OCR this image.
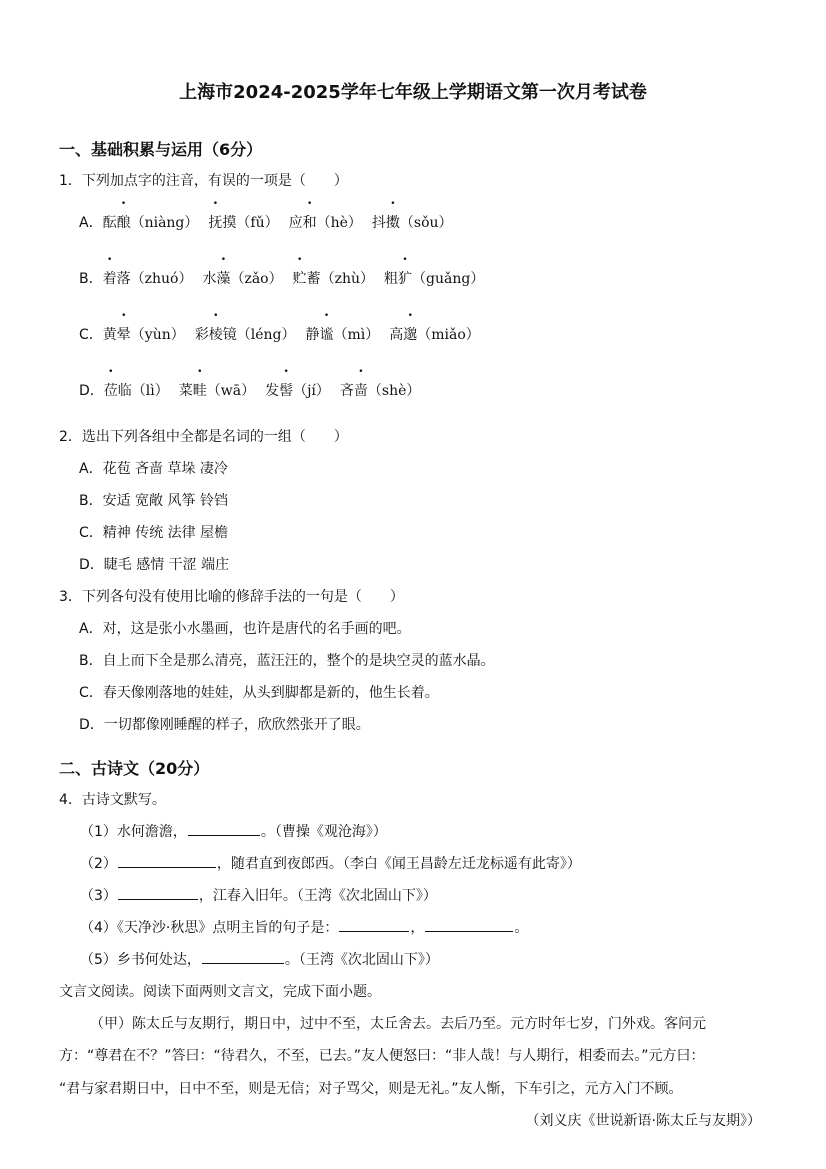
上海市2024-2025学年七年级上学期语文第一次月考试卷
一、基础积累与运用（6分）
1．下列加点字的注音，有误的一项是（　　）
A．酝酿（niàng） 抚摸（fǔ） 应和（hè） 抖擞（sǒu）
B．着落（zhuó） 水藻（zǎo） 贮蓄（zhù） 粗犷（guǎng）
C．黄晕（yùn） 彩棱镜（léng） 静谧（mì） 高邈（miǎo）
D．莅临（lì） 菜畦（wā） 发髻（jí） 吝啬（shè）
2．选出下列各组中全都是名词的一组（　　）
A．花苞 吝啬 草垛 凄冷
B．安适 宽敞 风筝 铃铛
C．精神 传统 法律 屋檐
D．睫毛 感情 干涩 端庄
3．下列各句没有使用比喻的修辞手法的一句是（　　）
A．对，这是张小水墨画，也许是唐代的名手画的吧。
B．自上而下全是那么清亮，蓝汪汪的，整个的是块空灵的蓝水晶。
C．春天像刚落地的娃娃，从头到脚都是新的，他生长着。
D．一切都像刚睡醒的样子，欣欣然张开了眼。
二、古诗文（20分）
4．古诗文默写。
（1）水何澹澹，	。（曹操《观沧海》）
（2）	，随君直到夜郎西。（李白《闻王昌龄左迁龙标遥有此寄》）
（3）	，江春入旧年。（王湾《次北固山下》）
（4）《天净沙·秋思》点明主旨的句子是：	，	。
（5）乡书何处达，	。（王湾《次北固山下》）
文言文阅读。阅读下面两则文言文，完成下面小题。
（甲）陈太丘与友期行，期日中，过中不至，太丘舍去。去后乃至。元方时年七岁，门外戏。客问元
方：“尊君在不？”答曰：“待君久，不至，已去。”友人便怒曰：“非人哉！与人期行，相委而去。”元方曰：
“君与家君期日中，日中不至，则是无信；对子骂父，则是无礼。”友人惭，下车引之，元方入门不顾。
（刘义庆《世说新语·陈太丘与友期》）
